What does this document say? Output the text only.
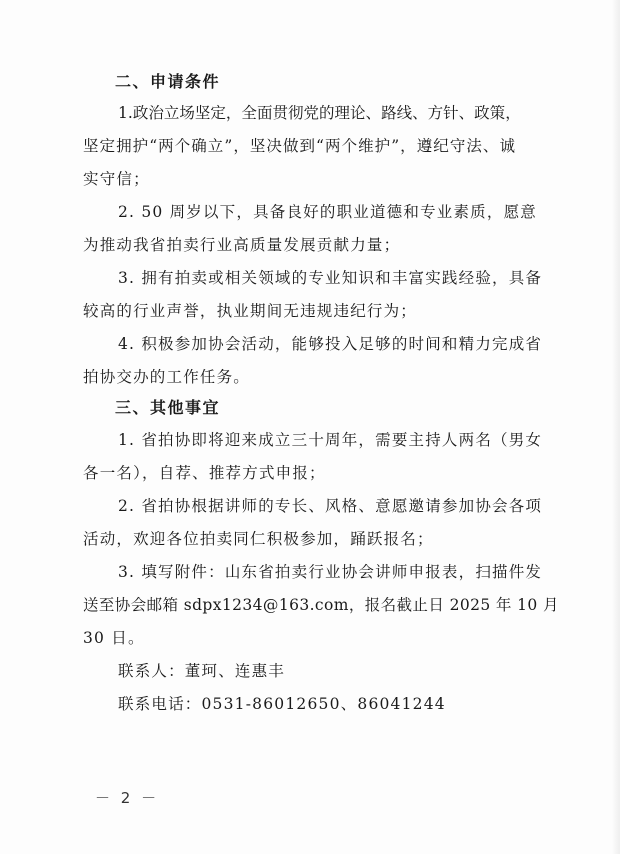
二、申请条件
1 . 政 治 立 场 坚 定 ， 全 面 贯 彻 党 的 理 论 、 路 线 、 方 针 、 政 策 ，
坚 定 拥 护 “ 两 个 确 立 ” ， 坚 决 做 到 “ 两 个 维 护 ” ， 遵 纪 守 法 、 诚
实守信；
2. 50 周岁以下，具备良好的职业道德和专业素质，愿意
为推动我省拍卖行业高质量发展贡献力量；
3. 拥有拍卖或相关领域的专业知识和丰富实践经验，具备
较高的行业声誉，执业期间无违规违纪行为；
4. 积极参加协会活动，能够投入足够的时间和精力完成省
拍协交办的工作任务。
三、其他事宜
1. 省拍协即将迎来成立三十周年，需要主持人两名（男女
各一名），自荐、推荐方式申报；
2. 省拍协根据讲师的专长、风格、意愿邀请参加协会各项
活动，欢迎各位拍卖同仁积极参加，踊跃报名；
3. 填写附件：山东省拍卖行业协会讲师申报表，扫描件发
送至协会邮箱 sdpx1234@163.com，报名截止日 2025 年 10 月
30 日。
联系人：董珂、连惠丰
联系电话：0531-86012650、86041244
－ 2 －
